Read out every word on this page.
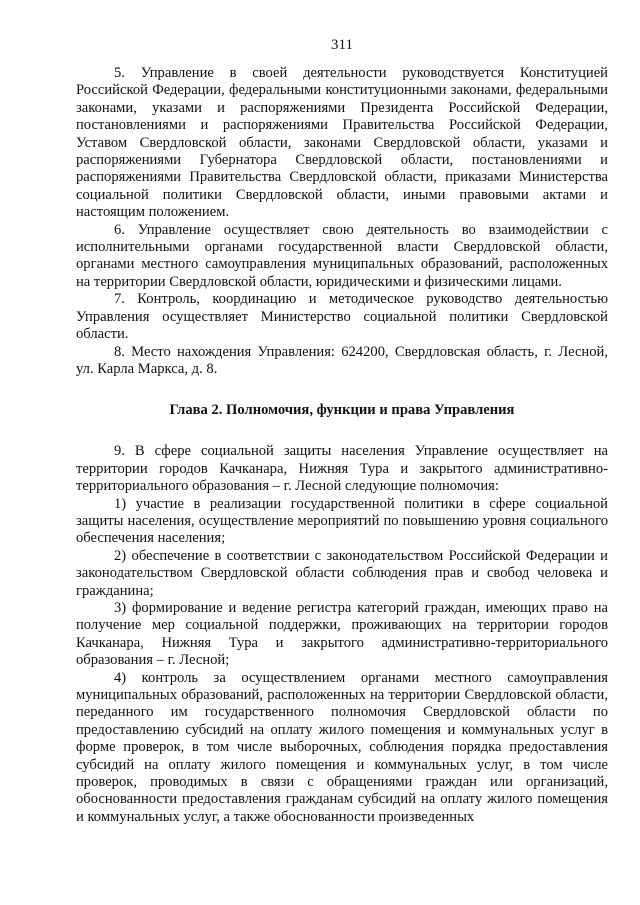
311

5. Управление в своей деятельности руководствуется Конституцией Российской Федерации, федеральными конституционными законами, федеральными законами, указами и распоряжениями Президента Российской Федерации, постановлениями и распоряжениями Правительства Российской Федерации, Уставом Свердловской области, законами Свердловской области, указами и распоряжениями Губернатора Свердловской области, постановлениями и распоряжениями Правительства Свердловской области, приказами Министерства социальной политики Свердловской области, иными правовыми актами и настоящим положением.

6. Управление осуществляет свою деятельность во взаимодействии с исполнительными органами государственной власти Свердловской области, органами местного самоуправления муниципальных образований, расположенных на территории Свердловской области, юридическими и физическими лицами.

7. Контроль, координацию и методическое руководство деятельностью Управления осуществляет Министерство социальной политики Свердловской области.

8. Место нахождения Управления: 624200, Свердловская область, г. Лесной, ул. Карла Маркса, д. 8.

Глава 2. Полномочия, функции и права Управления

9. В сфере социальной защиты населения Управление осуществляет на территории городов Качканара, Нижняя Тура и закрытого административно-территориального образования – г. Лесной следующие полномочия:

1) участие в реализации государственной политики в сфере социальной защиты населения, осуществление мероприятий по повышению уровня социального обеспечения населения;

2) обеспечение в соответствии с законодательством Российской Федерации и законодательством Свердловской области соблюдения прав и свобод человека и гражданина;

3) формирование и ведение регистра категорий граждан, имеющих право на получение мер социальной поддержки, проживающих на территории городов Качканара, Нижняя Тура и закрытого административно-территориального образования – г. Лесной;

4) контроль за осуществлением органами местного самоуправления муниципальных образований, расположенных на территории Свердловской области, переданного им государственного полномочия Свердловской области по предоставлению субсидий на оплату жилого помещения и коммунальных услуг в форме проверок, в том числе выборочных, соблюдения порядка предоставления субсидий на оплату жилого помещения и коммунальных услуг, в том числе проверок, проводимых в связи с обращениями граждан или организаций, обоснованности предоставления гражданам субсидий на оплату жилого помещения и коммунальных услуг, а также обоснованности произведенных
